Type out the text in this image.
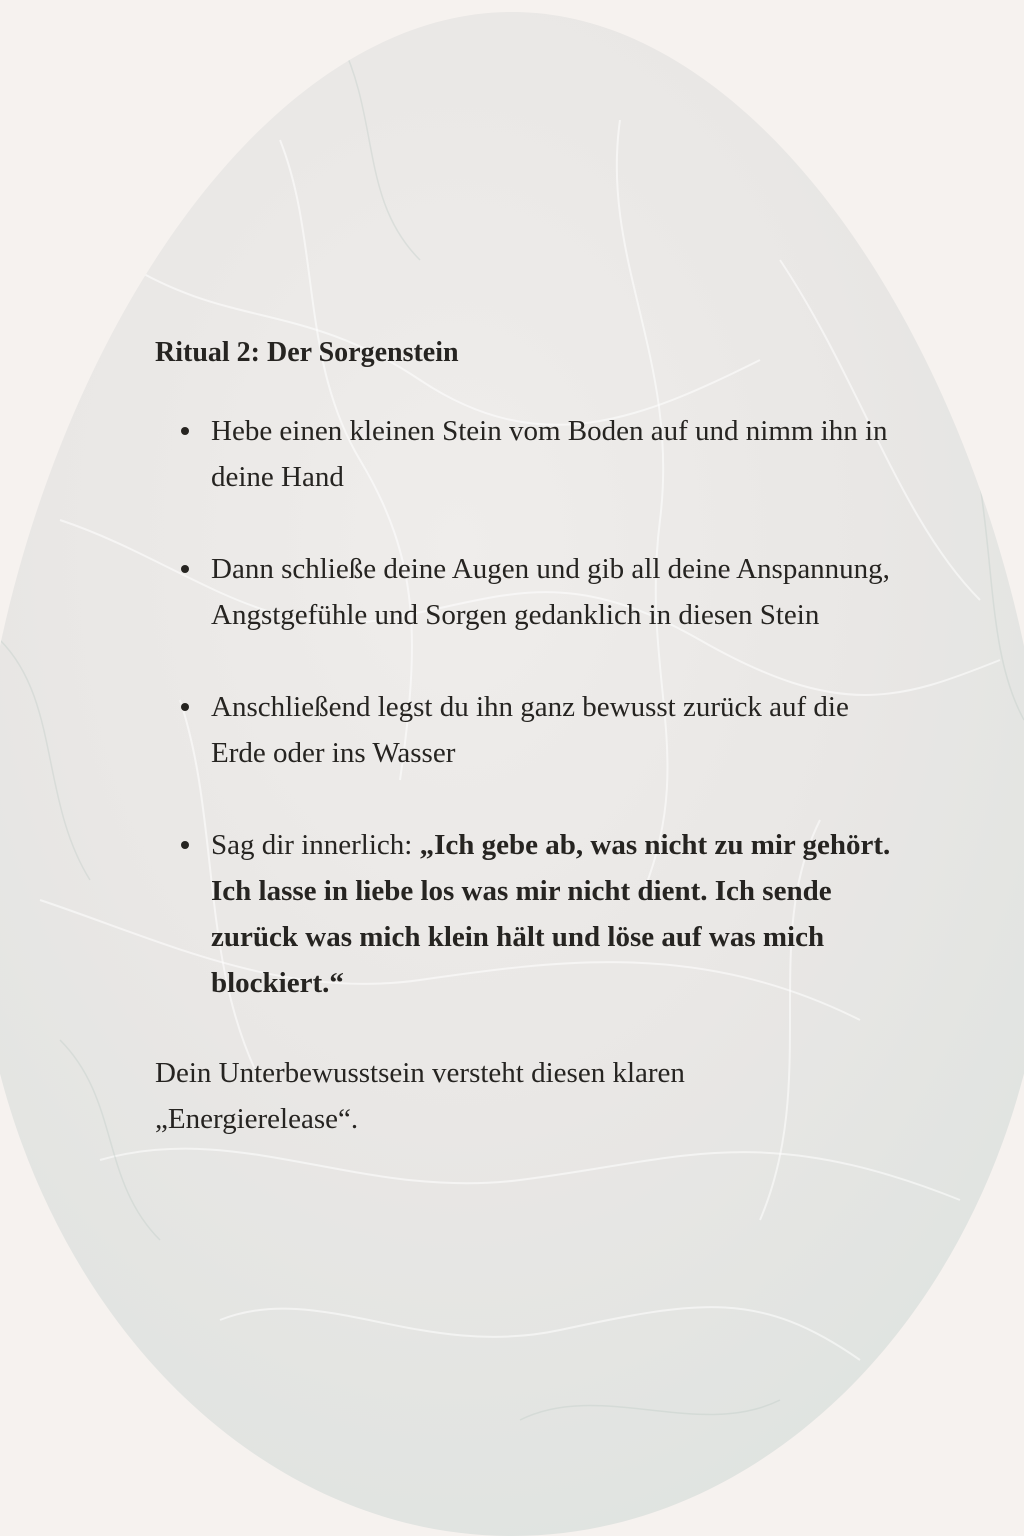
Ritual 2: Der Sorgenstein
Hebe einen kleinen Stein vom Boden auf und nimm ihn in deine Hand
Dann schließe deine Augen und gib all deine Anspannung, Angstgefühle und Sorgen gedanklich in diesen Stein
Anschließend legst du ihn ganz bewusst zurück auf die Erde oder ins Wasser
Sag dir innerlich: „Ich gebe ab, was nicht zu mir gehört. Ich lasse in liebe los was mir nicht dient. Ich sende zurück was mich klein hält und löse auf was mich blockiert.“

Dein Unterbewusstsein versteht diesen klaren „Energierelease“.
